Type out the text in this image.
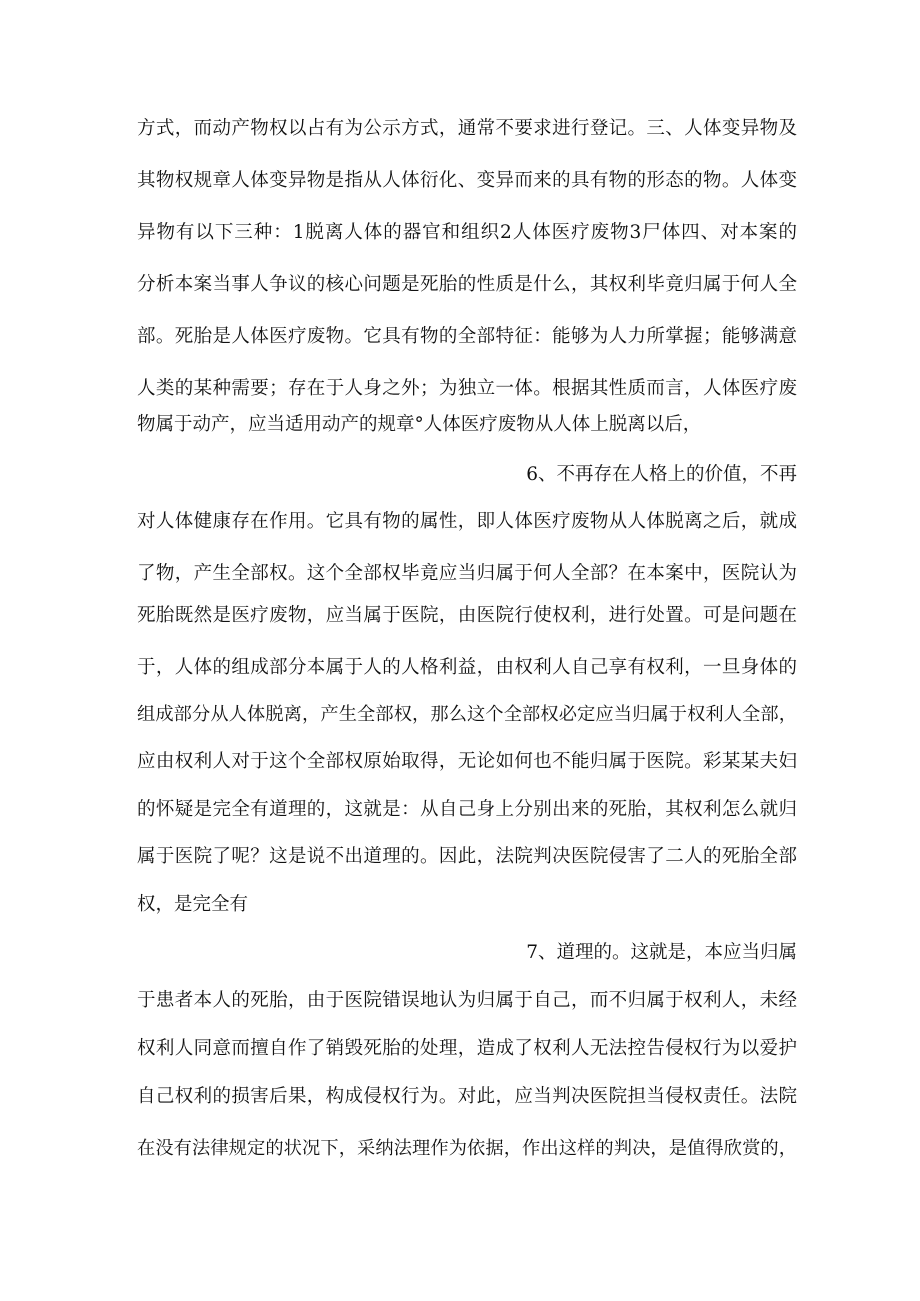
方式，而动产物权以占有为公示方式，通常不要求进行登记。三、人体变异物及
其物权规章人体变异物是指从人体衍化、变异而来的具有物的形态的物。人体变
异物有以下三种：1脱离人体的器官和组织2人体医疗废物3尸体四、对本案的
分析本案当事人争议的核心问题是死胎的性质是什么，其权利毕竟归属于何人全
部。死胎是人体医疗废物。它具有物的全部特征：能够为人力所掌握；能够满意
人类的某种需要；存在于人身之外；为独立一体。根据其性质而言，人体医疗废
物属于动产，应当适用动产的规章°人体医疗废物从人体上脱离以后，
6、不再存在人格上的价值，不再
对人体健康存在作用。它具有物的属性，即人体医疗废物从人体脱离之后，就成
了物，产生全部权。这个全部权毕竟应当归属于何人全部？在本案中，医院认为
死胎既然是医疗废物，应当属于医院，由医院行使权利，进行处置。可是问题在
于，人体的组成部分本属于人的人格利益，由权利人自己享有权利，一旦身体的
组成部分从人体脱离，产生全部权，那么这个全部权必定应当归属于权利人全部，
应由权利人对于这个全部权原始取得，无论如何也不能归属于医院。彩某某夫妇
的怀疑是完全有道理的，这就是：从自己身上分别出来的死胎，其权利怎么就归
属于医院了呢？这是说不出道理的。因此，法院判决医院侵害了二人的死胎全部
权，是完全有
7、道理的。这就是，本应当归属
于患者本人的死胎，由于医院错误地认为归属于自己，而不归属于权利人，未经
权利人同意而擅自作了销毁死胎的处理，造成了权利人无法控告侵权行为以爱护
自己权利的损害后果，构成侵权行为。对此，应当判决医院担当侵权责任。法院
在没有法律规定的状况下，采纳法理作为依据，作出这样的判决，是值得欣赏的，
